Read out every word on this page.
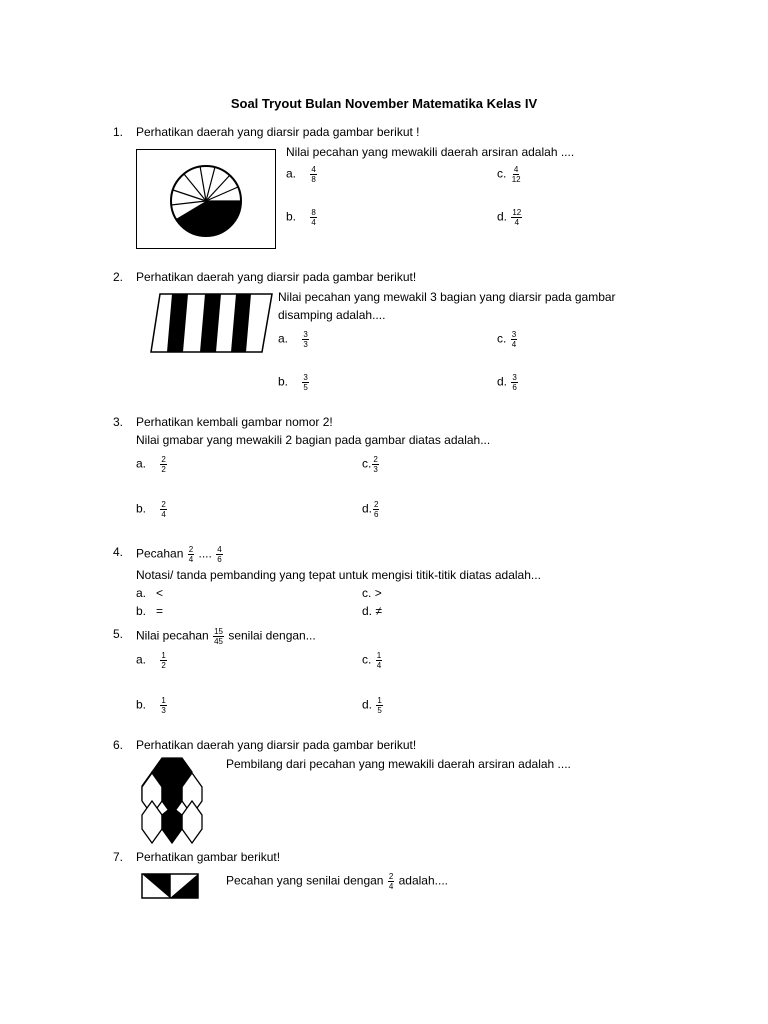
Soal Tryout Bulan November Matematika Kelas IV
1. Perhatikan daerah yang diarsir pada gambar berikut !
Nilai pecahan yang mewakili daerah arsiran adalah ....
a. $\frac{4}{8}$
b. $\frac{8}{4}$
c. $\frac{4}{12}$
d. $\frac{12}{4}$
2. Perhatikan daerah yang diarsir pada gambar berikut!
Nilai pecahan yang mewakil 3 bagian yang diarsir pada gambar
disamping adalah....
a. $\frac{3}{3}$
b. $\frac{3}{5}$
c. $\frac{3}{4}$
d. $\frac{3}{6}$
3. Perhatikan kembali gambar nomor 2!
Nilai gmabar yang mewakili 2 bagian pada gambar diatas adalah...
a. $\frac{2}{2}$
b. $\frac{2}{4}$
c. $\frac{2}{3}$
d. $\frac{2}{6}$
4. Pecahan $\frac{2}{4}$ .... $\frac{4}{6}$
Notasi/ tanda pembanding yang tepat untuk mengisi titik-titik diatas adalah...
a. <
b. =
c. >
d. ≠
5. Nilai pecahan $\frac{15}{45}$ senilai dengan...
a. $\frac{1}{2}$
b. $\frac{1}{3}$
c. $\frac{1}{4}$
d. $\frac{1}{5}$
6. Perhatikan daerah yang diarsir pada gambar berikut!
Pembilang dari pecahan yang mewakili daerah arsiran adalah ....
7. Perhatikan gambar berikut!
Pecahan yang senilai dengan $\frac{2}{4}$ adalah....
